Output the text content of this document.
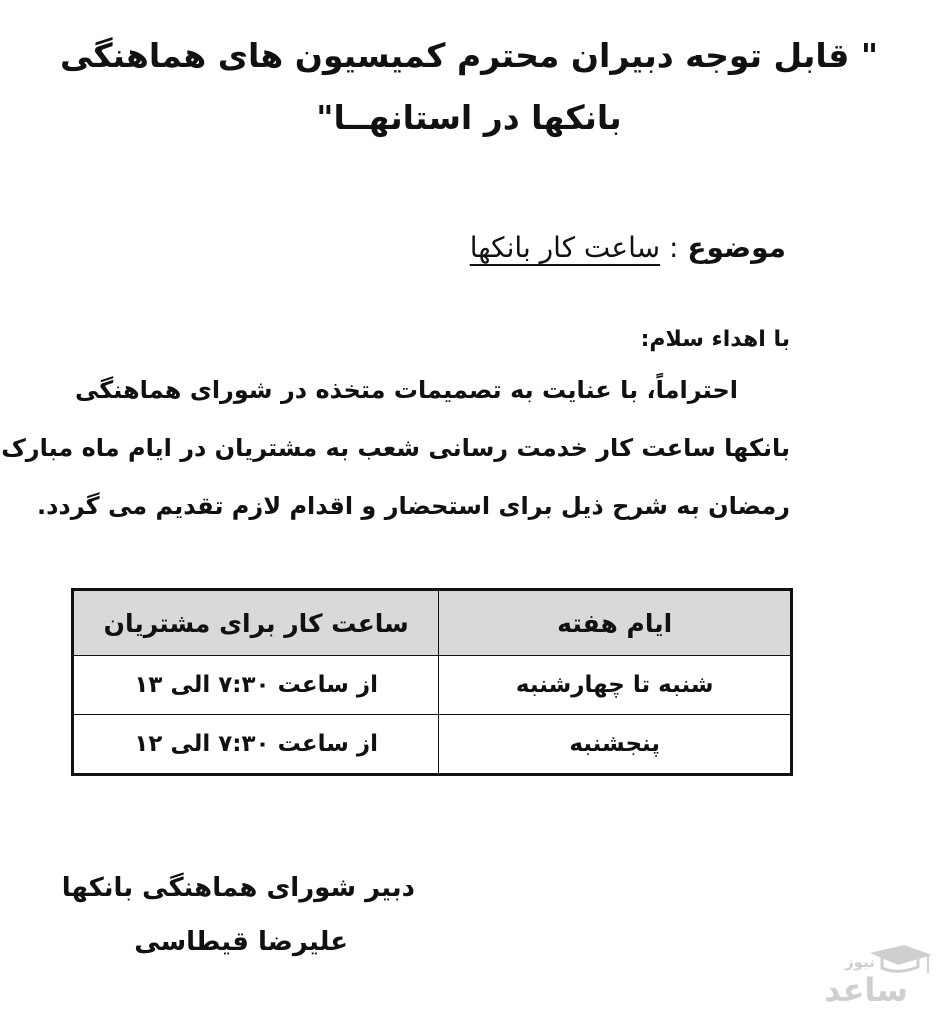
" قابل توجه دبیران محترم کمیسیون های هماهنگی
بانکها در استانهــا"
موضوع : ساعت کار بانکها
با اهداء سلام:
احتراماً، با عنایت به تصمیمات متخذه در شورای هماهنگی
بانکها ساعت کار خدمت رسانی شعب به مشتریان در ایام ماه مبارک
رمضان به شرح ذیل برای استحضار و اقدام لازم تقدیم می گردد.
ایام هفته	ساعت کار برای مشتریان
شنبه تا چهارشنبه	از ساعت ۷:۳۰ الی ۱۳
پنجشنبه	از ساعت ۷:۳۰ الی ۱۲
دبیر شورای هماهنگی بانکها
علیرضا قیطاسی
نیوز
ساعد
